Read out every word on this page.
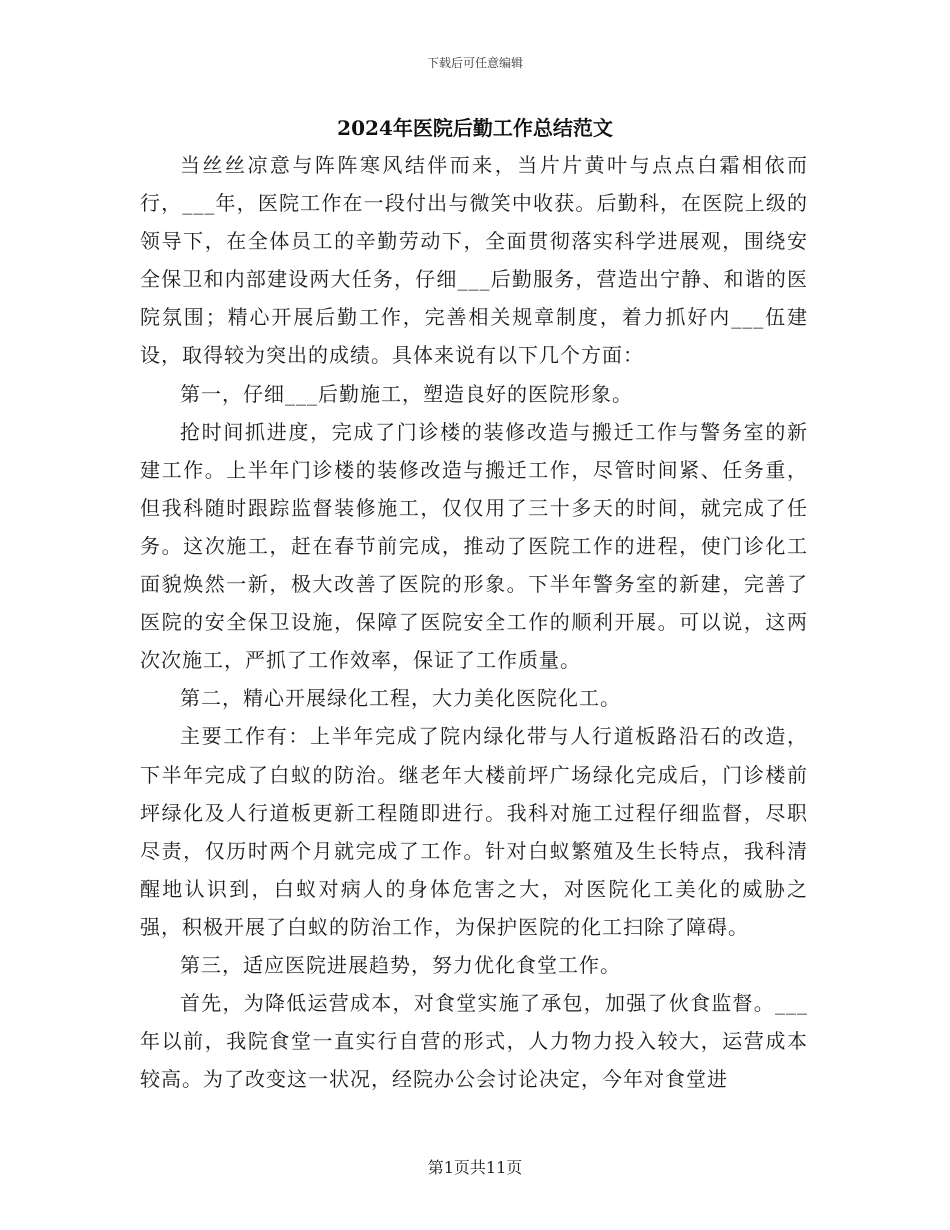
下载后可任意编辑
2024年医院后勤工作总结范文

当丝丝凉意与阵阵寒风结伴而来，当片片黄叶与点点白霜相依而行，___年，医院工作在一段付出与微笑中收获。后勤科，在医院上级的领导下，在全体员工的辛勤劳动下，全面贯彻落实科学进展观，围绕安全保卫和内部建设两大任务，仔细___后勤服务，营造出宁静、和谐的医院氛围；精心开展后勤工作，完善相关规章制度，着力抓好内___伍建设，取得较为突出的成绩。具体来说有以下几个方面：

第一，仔细___后勤施工，塑造良好的医院形象。

抢时间抓进度，完成了门诊楼的装修改造与搬迁工作与警务室的新建工作。上半年门诊楼的装修改造与搬迁工作，尽管时间紧、任务重，但我科随时跟踪监督装修施工，仅仅用了三十多天的时间，就完成了任务。这次施工，赶在春节前完成，推动了医院工作的进程，使门诊化工面貌焕然一新，极大改善了医院的形象。下半年警务室的新建，完善了医院的安全保卫设施，保障了医院安全工作的顺利开展。可以说，这两次次施工，严抓了工作效率，保证了工作质量。

第二，精心开展绿化工程，大力美化医院化工。

主要工作有：上半年完成了院内绿化带与人行道板路沿石的改造，下半年完成了白蚁的防治。继老年大楼前坪广场绿化完成后，门诊楼前坪绿化及人行道板更新工程随即进行。我科对施工过程仔细监督，尽职尽责，仅历时两个月就完成了工作。针对白蚁繁殖及生长特点，我科清醒地认识到，白蚁对病人的身体危害之大，对医院化工美化的威胁之强，积极开展了白蚁的防治工作，为保护医院的化工扫除了障碍。

第三，适应医院进展趋势，努力优化食堂工作。

首先，为降低运营成本，对食堂实施了承包，加强了伙食监督。___年以前，我院食堂一直实行自营的形式，人力物力投入较大，运营成本较高。为了改变这一状况，经院办公会讨论决定，今年对食堂进

第1页共11页
